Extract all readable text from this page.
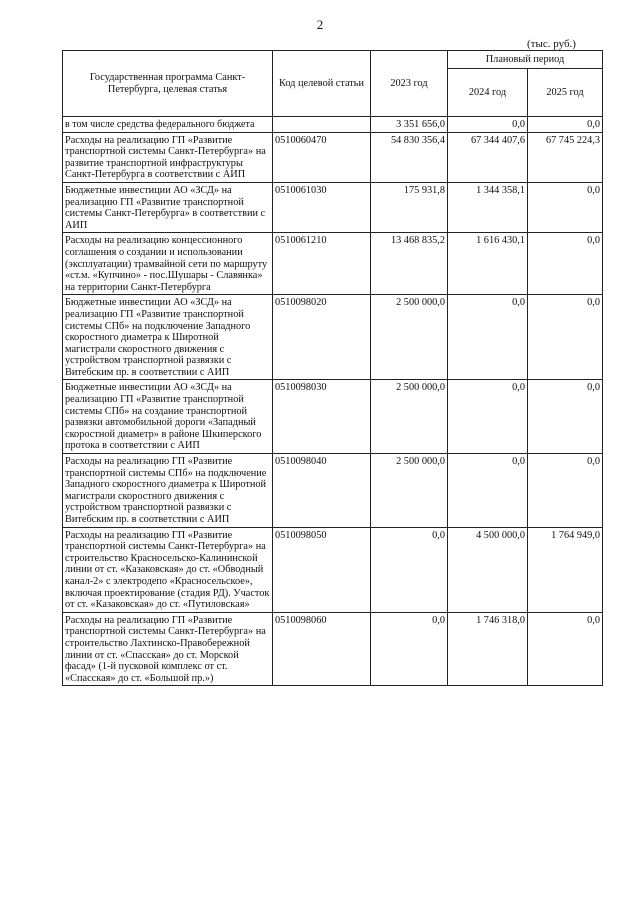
2
(тыс. руб.)
Государственная программа Санкт-Петербурга, целевая статья	Код целевой статьи	2023 год	Плановый период	
			2024 год	2025 год
в том числе средства федерального бюджета		3 351 656,0	0,0	0,0
Расходы на реализацию ГП «Развитие транспортной системы Санкт-Петербурга» на развитие транспортной инфраструктуры Санкт-Петербурга в соответствии с АИП	0510060470	54 830 356,4	67 344 407,6	67 745 224,3
Бюджетные инвестиции АО «ЗСД» на реализацию ГП «Развитие транспортной системы Санкт-Петербурга» в соответствии с АИП	0510061030	175 931,8	1 344 358,1	0,0
Расходы на реализацию концессионного соглашения о создании и использовании (эксплуатации) трамвайной сети по маршруту «ст.м. «Купчино» - пос.Шушары - Славянка» на территории Санкт-Петербурга	0510061210	13 468 835,2	1 616 430,1	0,0
Бюджетные инвестиции АО «ЗСД» на реализацию ГП «Развитие транспортной системы СПб» на подключение Западного скоростного диаметра к Широтной магистрали скоростного движения с устройством транспортной развязки с Витебским пр. в соответствии с АИП	0510098020	2 500 000,0	0,0	0,0
Бюджетные инвестиции АО «ЗСД» на реализацию ГП «Развитие транспортной системы СПб» на создание транспортной развязки автомобильной дороги «Западный скоростной диаметр» в районе Шкиперского протока в соответствии с АИП	0510098030	2 500 000,0	0,0	0,0
Расходы на реализацию ГП «Развитие транспортной системы СПб» на подключение Западного скоростного диаметра к Широтной магистрали скоростного движения с устройством транспортной развязки с Витебским пр. в соответствии с АИП	0510098040	2 500 000,0	0,0	0,0
Расходы на реализацию ГП «Развитие транспортной системы Санкт-Петербурга» на строительство Красносельско-Калининской линии от ст. «Казаковская» до ст. «Обводный канал-2» с электродепо «Красносельское», включая проектирование (стадия РД). Участок от ст. «Казаковская» до ст. «Путиловская»	0510098050	0,0	4 500 000,0	1 764 949,0
Расходы на реализацию ГП «Развитие транспортной системы Санкт-Петербурга» на строительство Лахтинско-Правобережной линии от ст. «Спасская» до ст. Морской фасад» (1-й пусковой комплекс от ст. «Спасская» до ст. «Большой пр.»)	0510098060	0,0	1 746 318,0	0,0
